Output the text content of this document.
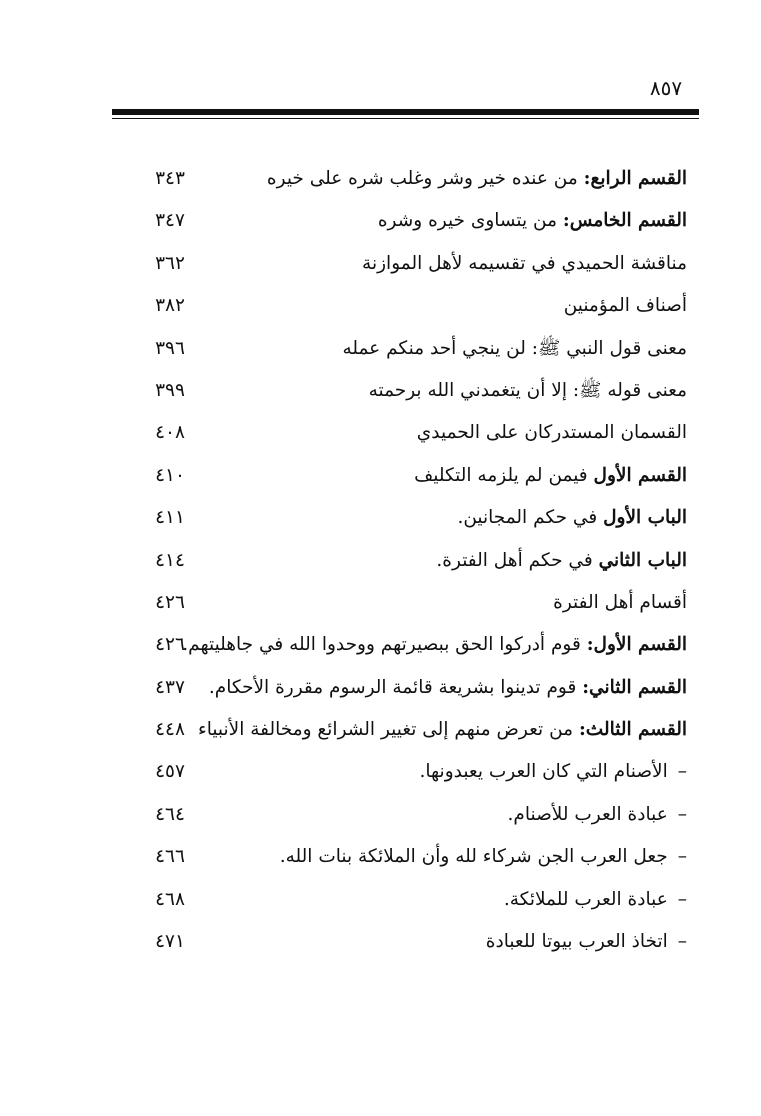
٨٥٧
القسم الرابع: من عنده خير وشر وغلب شره على خيره
٣٤٣
القسم الخامس: من يتساوى خيره وشره
٣٤٧
مناقشة الحميدي في تقسيمه لأهل الموازنة
٣٦٢
أصناف المؤمنين
٣٨٢
معنى قول النبي ﷺ: لن ينجي أحد منكم عمله
٣٩٦
معنى قوله ﷺ: إلا أن يتغمدني الله برحمته
٣٩٩
القسمان المستدركان على الحميدي
٤٠٨
القسم الأول فيمن لم يلزمه التكليف
٤١٠
الباب الأول في حكم المجانين.
٤١١
الباب الثاني في حكم أهل الفترة.
٤١٤
أقسام أهل الفترة
٤٢٦
القسم الأول: قوم أدركوا الحق ببصيرتهم ووحدوا الله في جاهليتهم.
٤٢٦
القسم الثاني: قوم تدينوا بشريعة قائمة الرسوم مقررة الأحكام.
٤٣٧
القسم الثالث: من تعرض منهم إلى تغيير الشرائع ومخالفة الأنبياء
٤٤٨
–الأصنام التي كان العرب يعبدونها.
٤٥٧
–عبادة العرب للأصنام.
٤٦٤
–جعل العرب الجن شركاء لله وأن الملائكة بنات الله.
٤٦٦
–عبادة العرب للملائكة.
٤٦٨
–اتخاذ العرب بيوتا للعبادة
٤٧١
